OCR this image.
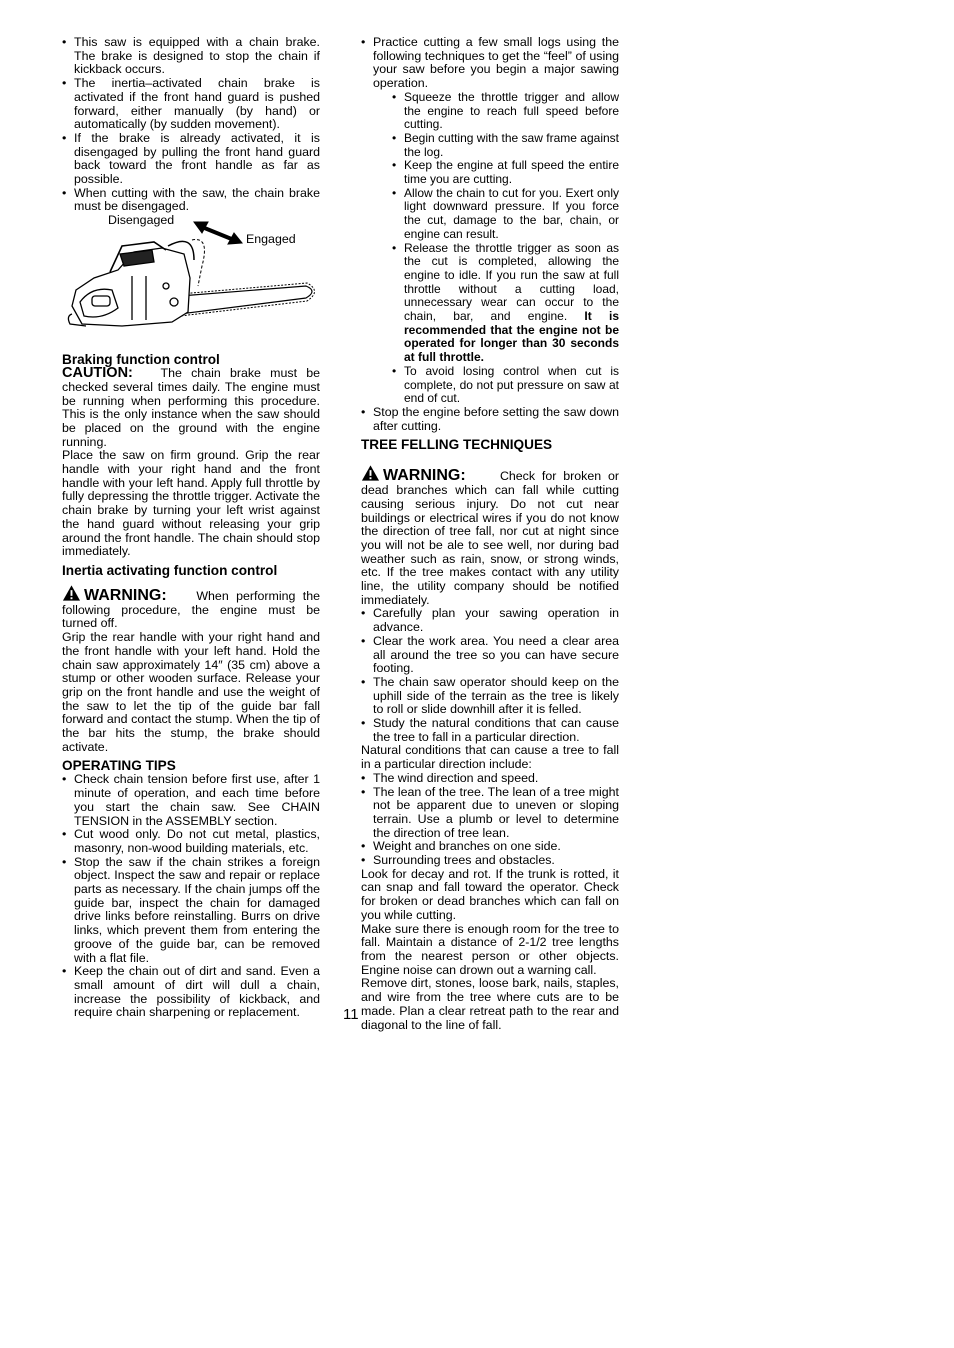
• This saw is equipped with a chain brake. The brake is designed to stop the chain if kickback occurs.
• The inertia–activated chain brake is activated if the front hand guard is pushed forward, either manually (by hand) or automatically (by sudden movement).
• If the brake is already activated, it is disengaged by pulling the front hand guard back toward the front handle as far as possible.
• When cutting with the saw, the chain brake must be disengaged.
Disengaged
Engaged
Braking function control

CAUTION: The chain brake must be checked several times daily. The engine must be running when performing this procedure. This is the only instance when the saw should be placed on the ground with the engine running.

Place the saw on firm ground. Grip the rear handle with your right hand and the front handle with your left hand. Apply full throttle by fully depressing the throttle trigger. Activate the chain brake by turning your left wrist against the hand guard without releasing your grip around the front handle. The chain should stop immediately.

Inertia activating function control

WARNING: When performing the following procedure, the engine must be turned off.

Grip the rear handle with your right hand and the front handle with your left hand. Hold the chain saw approximately 14″ (35 cm) above a stump or other wooden surface. Release your grip on the front handle and use the weight of the saw to let the tip of the guide bar fall forward and contact the stump. When the tip of the bar hits the stump, the brake should activate.

OPERATING TIPS
• Check chain tension before first use, after 1 minute of operation, and each time before you start the chain saw. See CHAIN TENSION in the ASSEMBLY section.
• Cut wood only. Do not cut metal, plastics, masonry, non-wood building materials, etc.
• Stop the saw if the chain strikes a foreign object. Inspect the saw and repair or replace parts as necessary. If the chain jumps off the guide bar, inspect the chain for damaged drive links before reinstalling. Burrs on drive links, which prevent them from entering the groove of the guide bar, can be removed with a flat file.
• Keep the chain out of dirt and sand. Even a small amount of dirt will dull a chain, increase the possibility of kickback, and require chain sharpening or replacement.
• Practice cutting a few small logs using the following techniques to get the “feel” of using your saw before you begin a major sawing operation.
• Squeeze the throttle trigger and allow the engine to reach full speed before cutting.
• Begin cutting with the saw frame against the log.
• Keep the engine at full speed the entire time you are cutting.
• Allow the chain to cut for you. Exert only light downward pressure. If you force the cut, damage to the bar, chain, or engine can result.
• Release the throttle trigger as soon as the cut is completed, allowing the engine to idle. If you run the saw at full throttle without a cutting load, unnecessary wear can occur to the chain, bar, and engine. It is recommended that the engine not be operated for longer than 30 seconds at full throttle.
• To avoid losing control when cut is complete, do not put pressure on saw at end of cut.
• Stop the engine before setting the saw down after cutting.
TREE FELLING TECHNIQUES

WARNING:	Check for broken or dead branches which can fall while cutting causing serious injury. Do not cut near buildings or electrical wires if you do not know the direction of tree fall, nor cut at night since you will not be ale to see well, nor during bad weather such as rain, snow, or strong winds, etc. If the tree makes contact with any utility line, the utility company should be notified immediately.

• Carefully plan your sawing operation in advance.
• Clear the work area. You need a clear area all around the tree so you can have secure footing.
• The chain saw operator should keep on the uphill side of the terrain as the tree is likely to roll or slide downhill after it is felled.
• Study the natural conditions that can cause the tree to fall in a particular direction.

Natural conditions that can cause a tree to fall in a particular direction include:

• The wind direction and speed.
• The lean of the tree. The lean of a tree might not be apparent due to uneven or sloping terrain. Use a plumb or level to determine the direction of tree lean.
• Weight and branches on one side.
• Surrounding trees and obstacles.

Look for decay and rot. If the trunk is rotted, it can snap and fall toward the operator. Check for broken or dead branches which can fall on you while cutting.

Make sure there is enough room for the tree to fall. Maintain a distance of 2-1/2 tree lengths from the nearest person or other objects. Engine noise can drown out a warning call.

Remove dirt, stones, loose bark, nails, staples, and wire from the tree where cuts are to be made. Plan a clear retreat path to the rear and diagonal to the line of fall.

11
